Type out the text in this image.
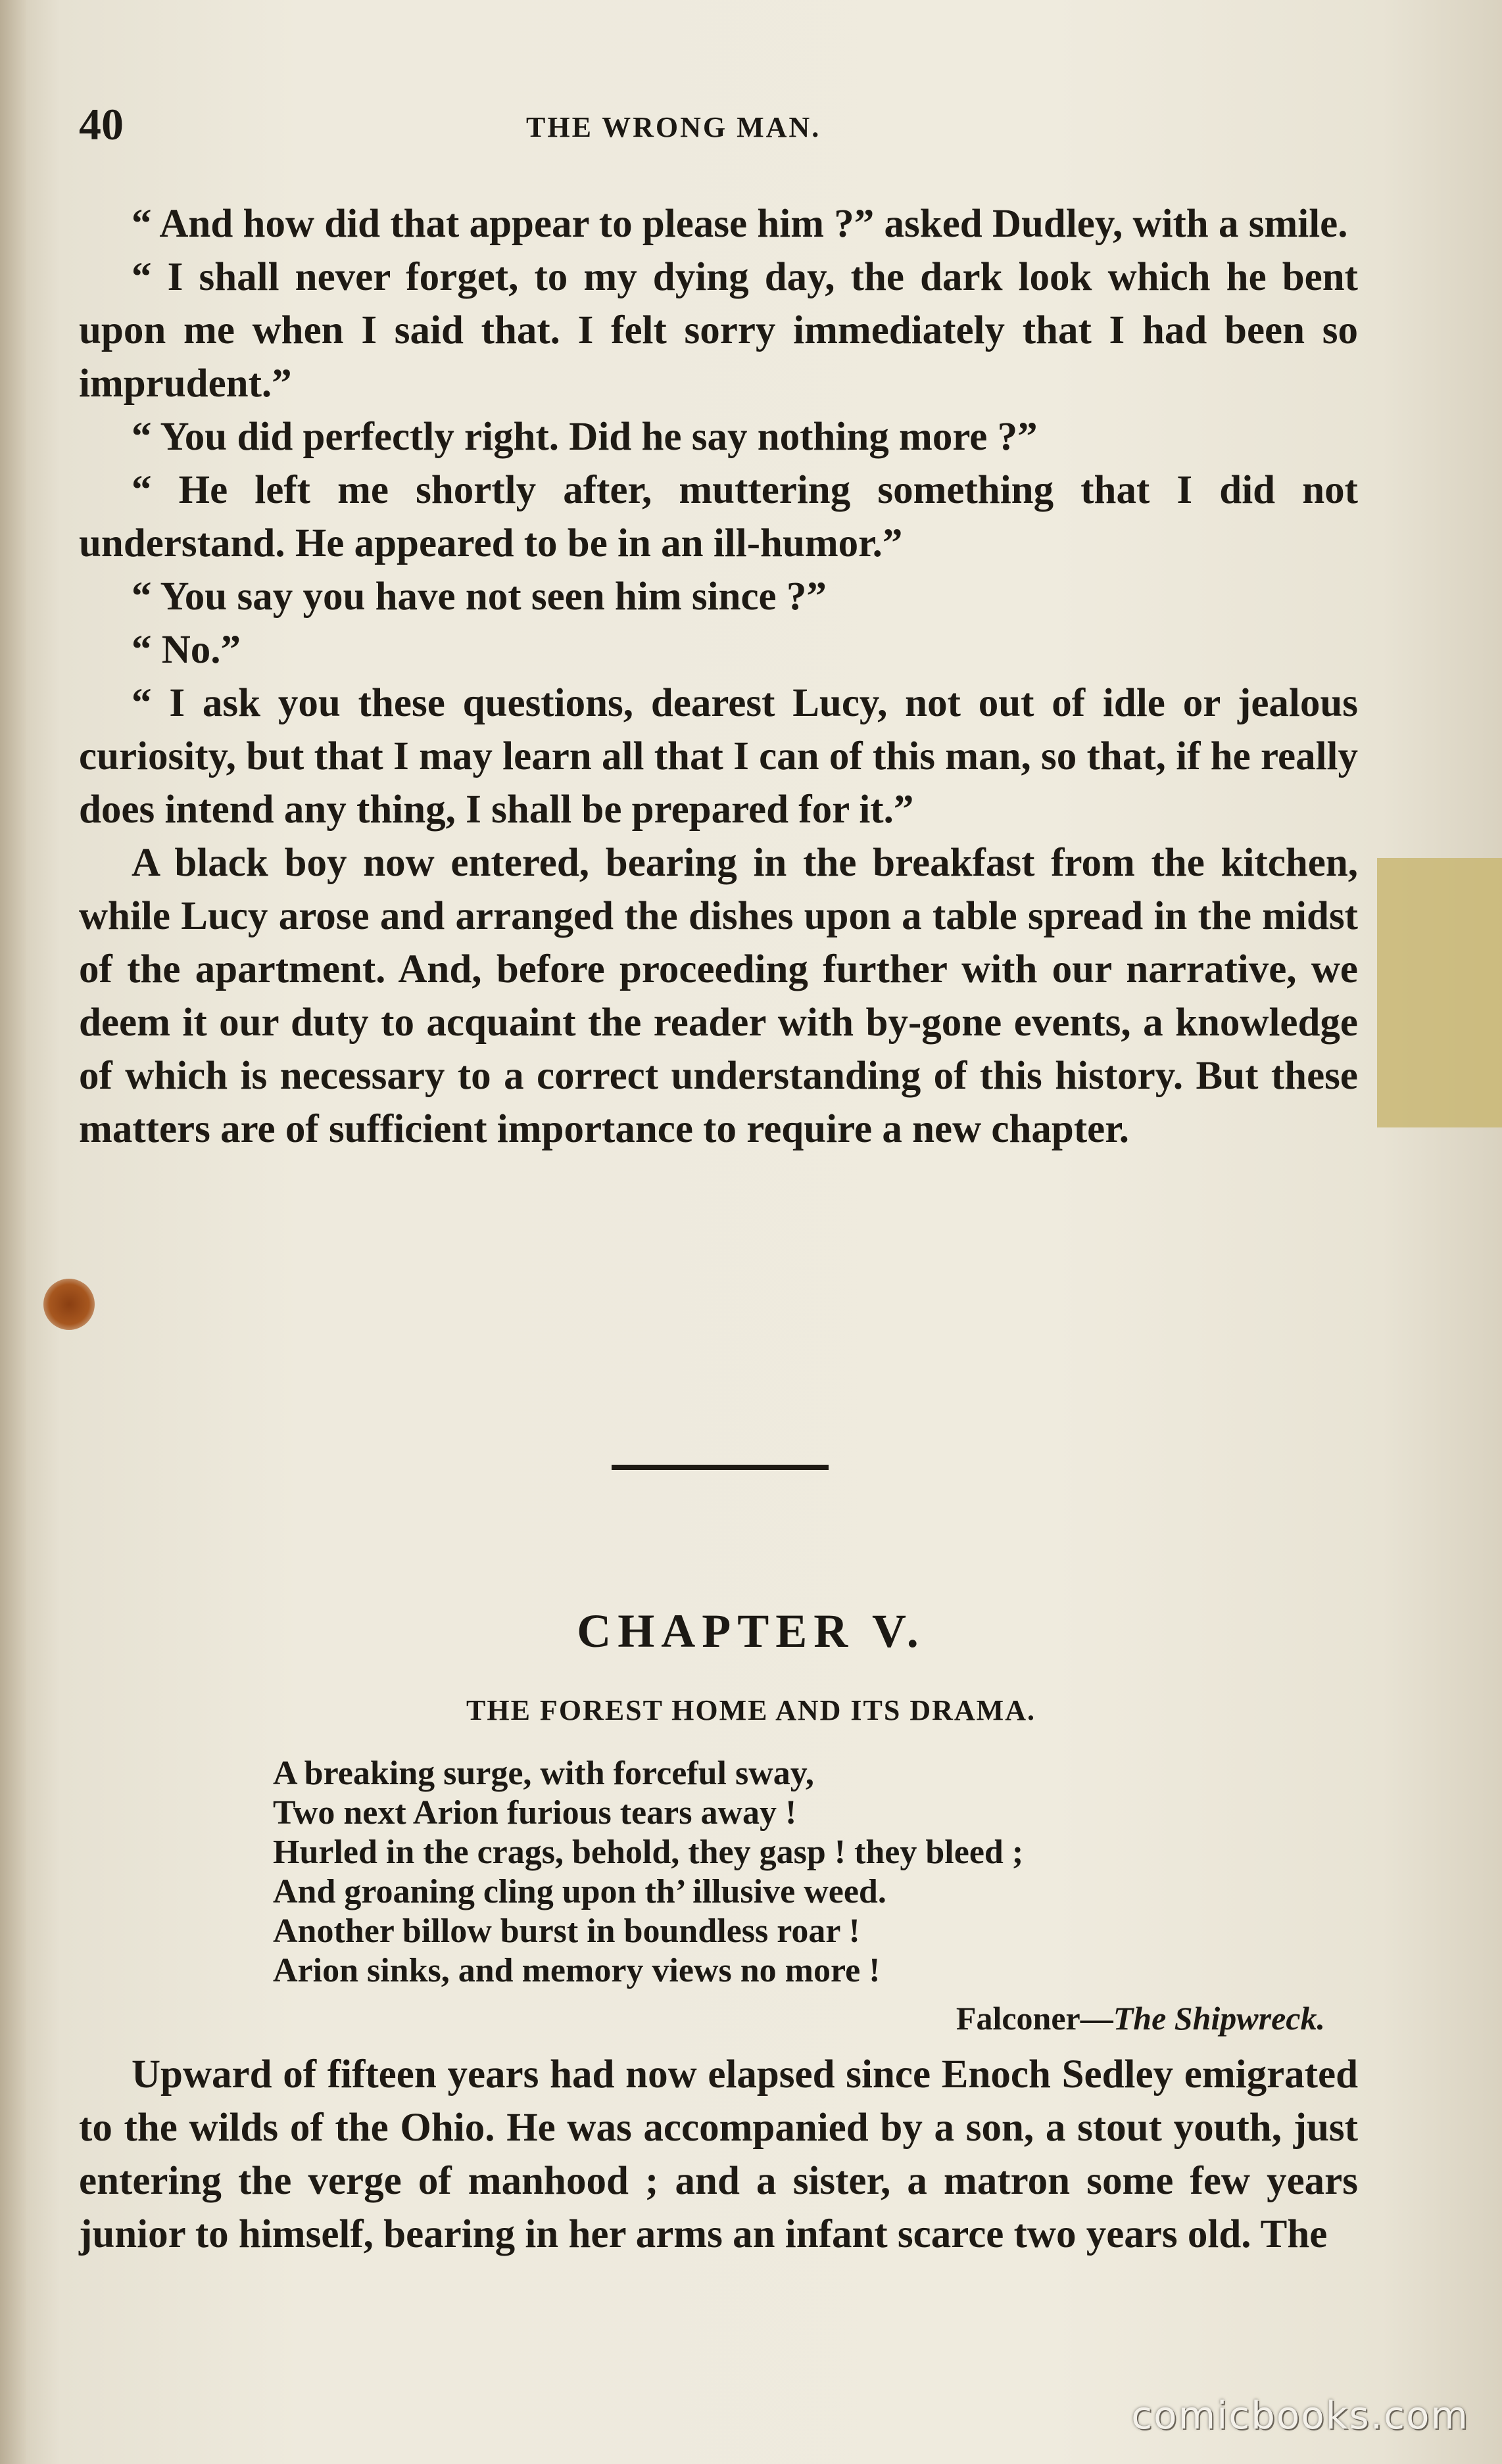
40	THE WRONG MAN.

“ And how did that appear to please him ?” asked Dudley, with a smile.

“ I shall never forget, to my dying day, the dark look which he bent upon me when I said that. I felt sorry immediately that I had been so imprudent.”

“ You did perfectly right. Did he say nothing more ?”

“ He left me shortly after, muttering something that I did not understand. He appeared to be in an ill-humor.”

“ You say you have not seen him since ?”

“ No.”

“ I ask you these questions, dearest Lucy, not out of idle or jealous curiosity, but that I may learn all that I can of this man, so that, if he really does intend any thing, I shall be prepared for it.”

A black boy now entered, bearing in the breakfast from the kitchen, while Lucy arose and arranged the dishes upon a table spread in the midst of the apartment. And, before proceeding further with our narrative, we deem it our duty to acquaint the reader with by-gone events, a knowledge of which is necessary to a correct understanding of this history. But these matters are of sufficient importance to require a new chapter.

CHAPTER V.
THE FOREST HOME AND ITS DRAMA.
A breaking surge, with forceful sway,
Two next Arion furious tears away !
Hurled in the crags, behold, they gasp ! they bleed ;
And groaning cling upon th’ illusive weed.
Another billow burst in boundless roar !
Arion sinks, and memory views no more !
Falconer—The Shipwreck.

Upward of fifteen years had now elapsed since Enoch Sedley emigrated to the wilds of the Ohio. He was accompanied by a son, a stout youth, just entering the verge of manhood ; and a sister, a matron some few years junior to himself, bearing in her arms an infant scarce two years old. The

comicbooks.com
